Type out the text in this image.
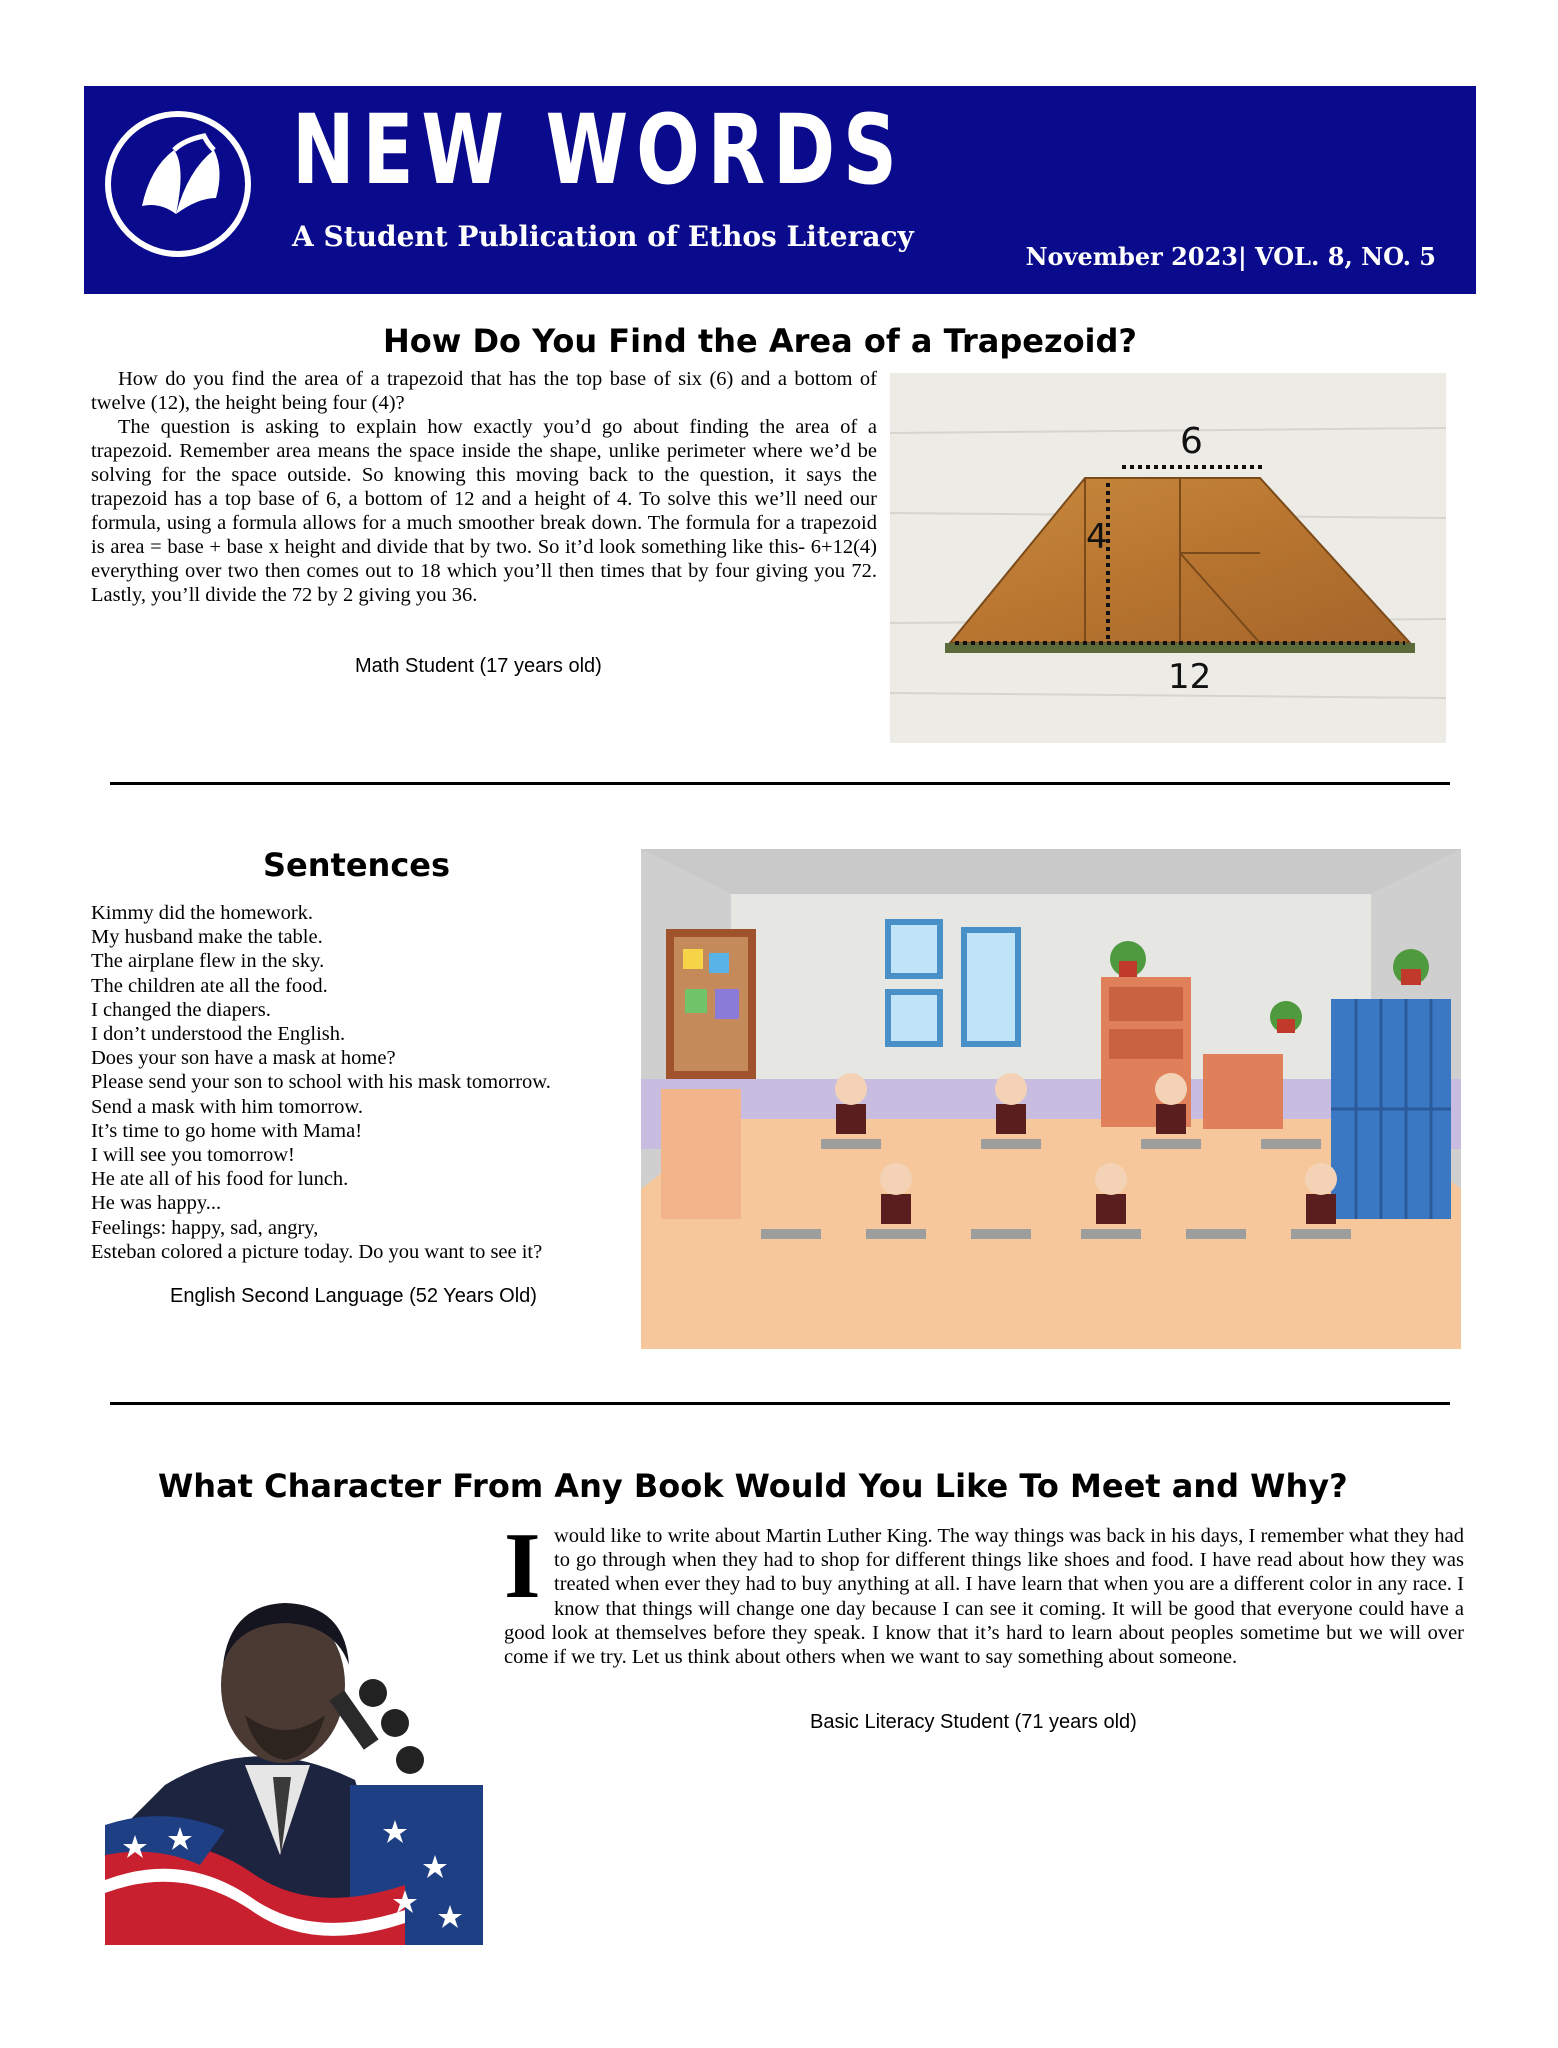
NEW WORDS
A Student Publication of Ethos Literacy
November 2023| VOL. 8, NO. 5
How Do You Find the Area of a Trapezoid?

How do you find the area of a trapezoid that has the top base of six (6) and a bottom of twelve (12), the height being four (4)?

The question is asking to explain how exactly you’d go about finding the area of a trapezoid. Remember area means the space inside the shape, unlike perimeter where we’d be solving for the space outside. So knowing this moving back to the question, it says the trapezoid has a top base of 6, a bottom of 12 and a height of 4. To solve this we’ll need our formula, using a formula allows for a much smoother break down. The formula for a trapezoid is area = base + base x height and divide that by two. So it’d look something like this- 6+12(4) everything over two then comes out to 18 which you’ll then times that by four giving you 72. Lastly, you’ll divide the 72 by 2 giving you 36.

Math Student (17 years old)
6
4
12
Sentences
Kimmy did the homework.
My husband make the table.
The airplane flew in the sky.
The children ate all the food.
I changed the diapers.
I don’t understood the English.
Does your son have a mask at home?
Please send your son to school with his mask tomorrow.
Send a mask with him tomorrow.
It’s time to go home with Mama!
I will see you tomorrow!
He ate all of his food for lunch.
He was happy...
Feelings: happy, sad, angry,
Esteban colored a picture today. Do you want to see it?
English Second Language (52 Years Old)
What Character From Any Book Would You Like To Meet and Why?
I would like to write about Martin Luther King. The way things was back in his days, I remember what they had to go through when they had to shop for different things like shoes and food. I have read about how they was treated when ever they had to buy anything at all. I have learn that when you are a different color in any race. I know that things will change one day because I can see it coming. It will be good that everyone could have a good look at themselves before they speak. I know that it’s hard to learn about peoples sometime but we will over come if we try. Let us think about others when we want to say something about someone.

Basic Literacy Student (71 years old)
